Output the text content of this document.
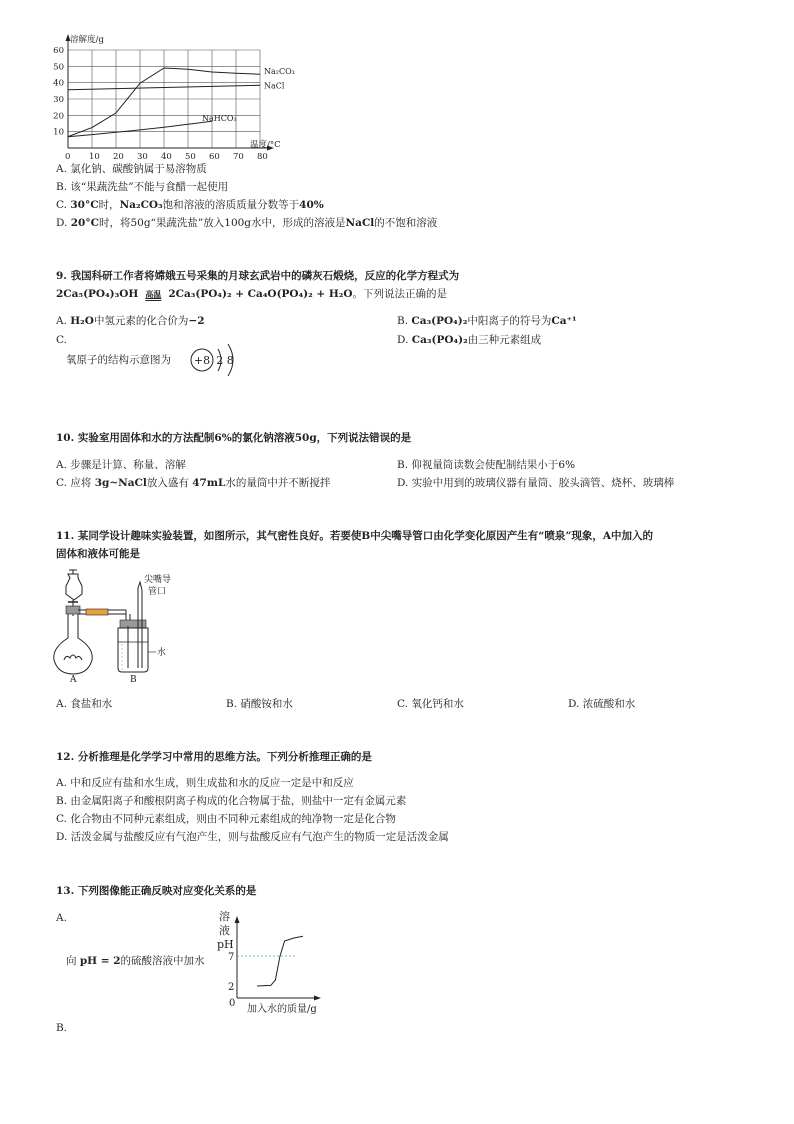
溶解度/g
10
20
30
40
50
60
Na₂CO₃
NaCl
NaHCO₃
0 10 20 30 40 50 60 70 80
温度/°C
A. 氯化钠、碳酸钠属于易溶物质
B. 该“果蔬洗盐”不能与食醋一起使用
C. 30°C时，Na₂CO₃饱和溶液的溶质质量分数等于40%
D. 20°C时，将50g“果蔬洗盐”放入100g水中，形成的溶液是NaCl的不饱和溶液
9. 我国科研工作者将嫦娥五号采集的月球玄武岩中的磷灰石煅烧，反应的化学方程式为
2Ca₅(PO₄)₃OH 高温 2Ca₃(PO₄)₂ + Ca₄O(PO₄)₂ + H₂O。下列说法正确的是
A. H₂O中氢元素的化合价为−2	B. Ca₃(PO₄)₂中阳离子的符号为Ca⁺¹
C.	D. Ca₃(PO₄)₂由三种元素组成
氧原子的结构示意图为 +8 2 8
10. 实验室用固体和水的方法配制6%的氯化钠溶液50g，下列说法错误的是
A. 步骤是计算、称量、溶解	B. 仰视量筒读数会使配制结果小于6%
C. 应将 3g~NaCl放入盛有 47mL水的量筒中并不断搅拌	D. 实验中用到的玻璃仪器有量筒、胶头滴管、烧杯、玻璃棒
11. 某同学设计趣味实验装置，如图所示，其气密性良好。若要使B中尖嘴导管口由化学变化原因产生有“喷泉”现象，A中加入的
固体和液体可能是
水
尖嘴导
管口
A	B
A. 食盐和水	B. 硝酸铵和水	C. 氧化钙和水	D. 浓硫酸和水
12. 分析推理是化学学习中常用的思维方法。下列分析推理正确的是
A. 中和反应有盐和水生成，则生成盐和水的反应一定是中和反应
B. 由金属阳离子和酸根阴离子构成的化合物属于盐，则盐中一定有金属元素
C. 化合物由不同种元素组成，则由不同种元素组成的纯净物一定是化合物
D. 活泼金属与盐酸反应有气泡产生，则与盐酸反应有气泡产生的物质一定是活泼金属
13. 下列图像能正确反映对应变化关系的是
A.
向 pH = 2的硫酸溶液中加水
溶
液
pH
7
2
0
加入水的质量/g
B.
